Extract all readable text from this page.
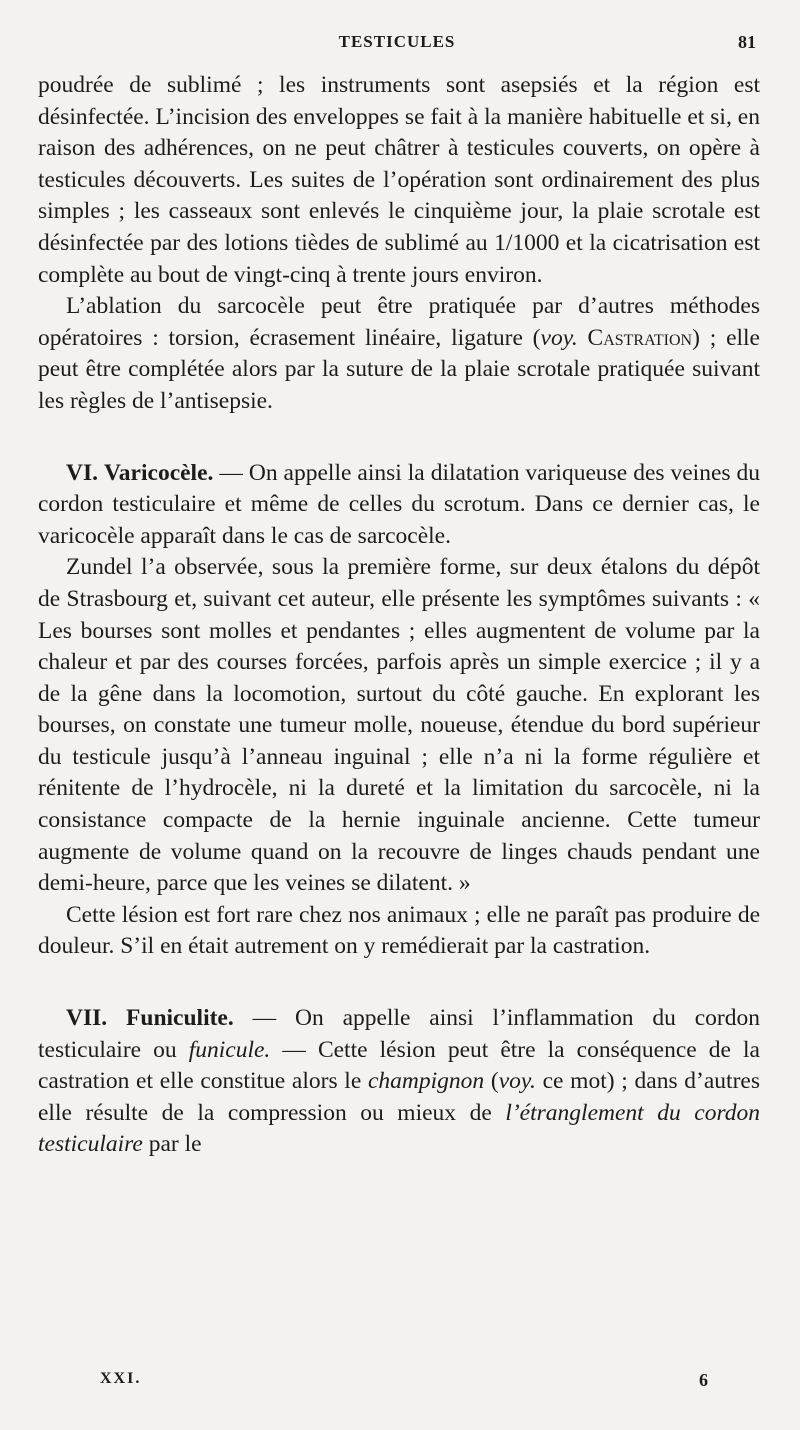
TESTICULES	81

poudrée de sublimé ; les instruments sont asepsiés et la région est désinfectée. L’incision des enveloppes se fait à la manière habituelle et si, en raison des adhérences, on ne peut châtrer à testicules couverts, on opère à testicules découverts. Les suites de l’opération sont ordinairement des plus simples ; les casseaux sont enlevés le cinquième jour, la plaie scrotale est désinfectée par des lotions tièdes de sublimé au 1/1000 et la cicatrisation est complète au bout de vingt-cinq à trente jours environ.

L’ablation du sarcocèle peut être pratiquée par d’autres méthodes opératoires : torsion, écrasement linéaire, ligature (voy. Castration) ; elle peut être complétée alors par la suture de la plaie scrotale pratiquée suivant les règles de l’antisepsie.

VI. Varicocèle. — On appelle ainsi la dilatation variqueuse des veines du cordon testiculaire et même de celles du scrotum. Dans ce dernier cas, le varicocèle apparaît dans le cas de sarcocèle.

Zundel l’a observée, sous la première forme, sur deux étalons du dépôt de Strasbourg et, suivant cet auteur, elle présente les symptômes suivants : « Les bourses sont molles et pendantes ; elles augmentent de volume par la chaleur et par des courses forcées, parfois après un simple exercice ; il y a de la gêne dans la locomotion, surtout du côté gauche. En explorant les bourses, on constate une tumeur molle, noueuse, étendue du bord supérieur du testicule jusqu’à l’anneau inguinal ; elle n’a ni la forme régulière et rénitente de l’hydrocèle, ni la dureté et la limitation du sarcocèle, ni la consistance compacte de la hernie inguinale ancienne. Cette tumeur augmente de volume quand on la recouvre de linges chauds pendant une demi-heure, parce que les veines se dilatent. »

Cette lésion est fort rare chez nos animaux ; elle ne paraît pas produire de douleur. S’il en était autrement on y remédierait par la castration.

VII. Funiculite. — On appelle ainsi l’inflammation du cordon testiculaire ou funicule. — Cette lésion peut être la conséquence de la castration et elle constitue alors le champignon (voy. ce mot) ; dans d’autres elle résulte de la compression ou mieux de l’étranglement du cordon testiculaire par le

XXI.	6
